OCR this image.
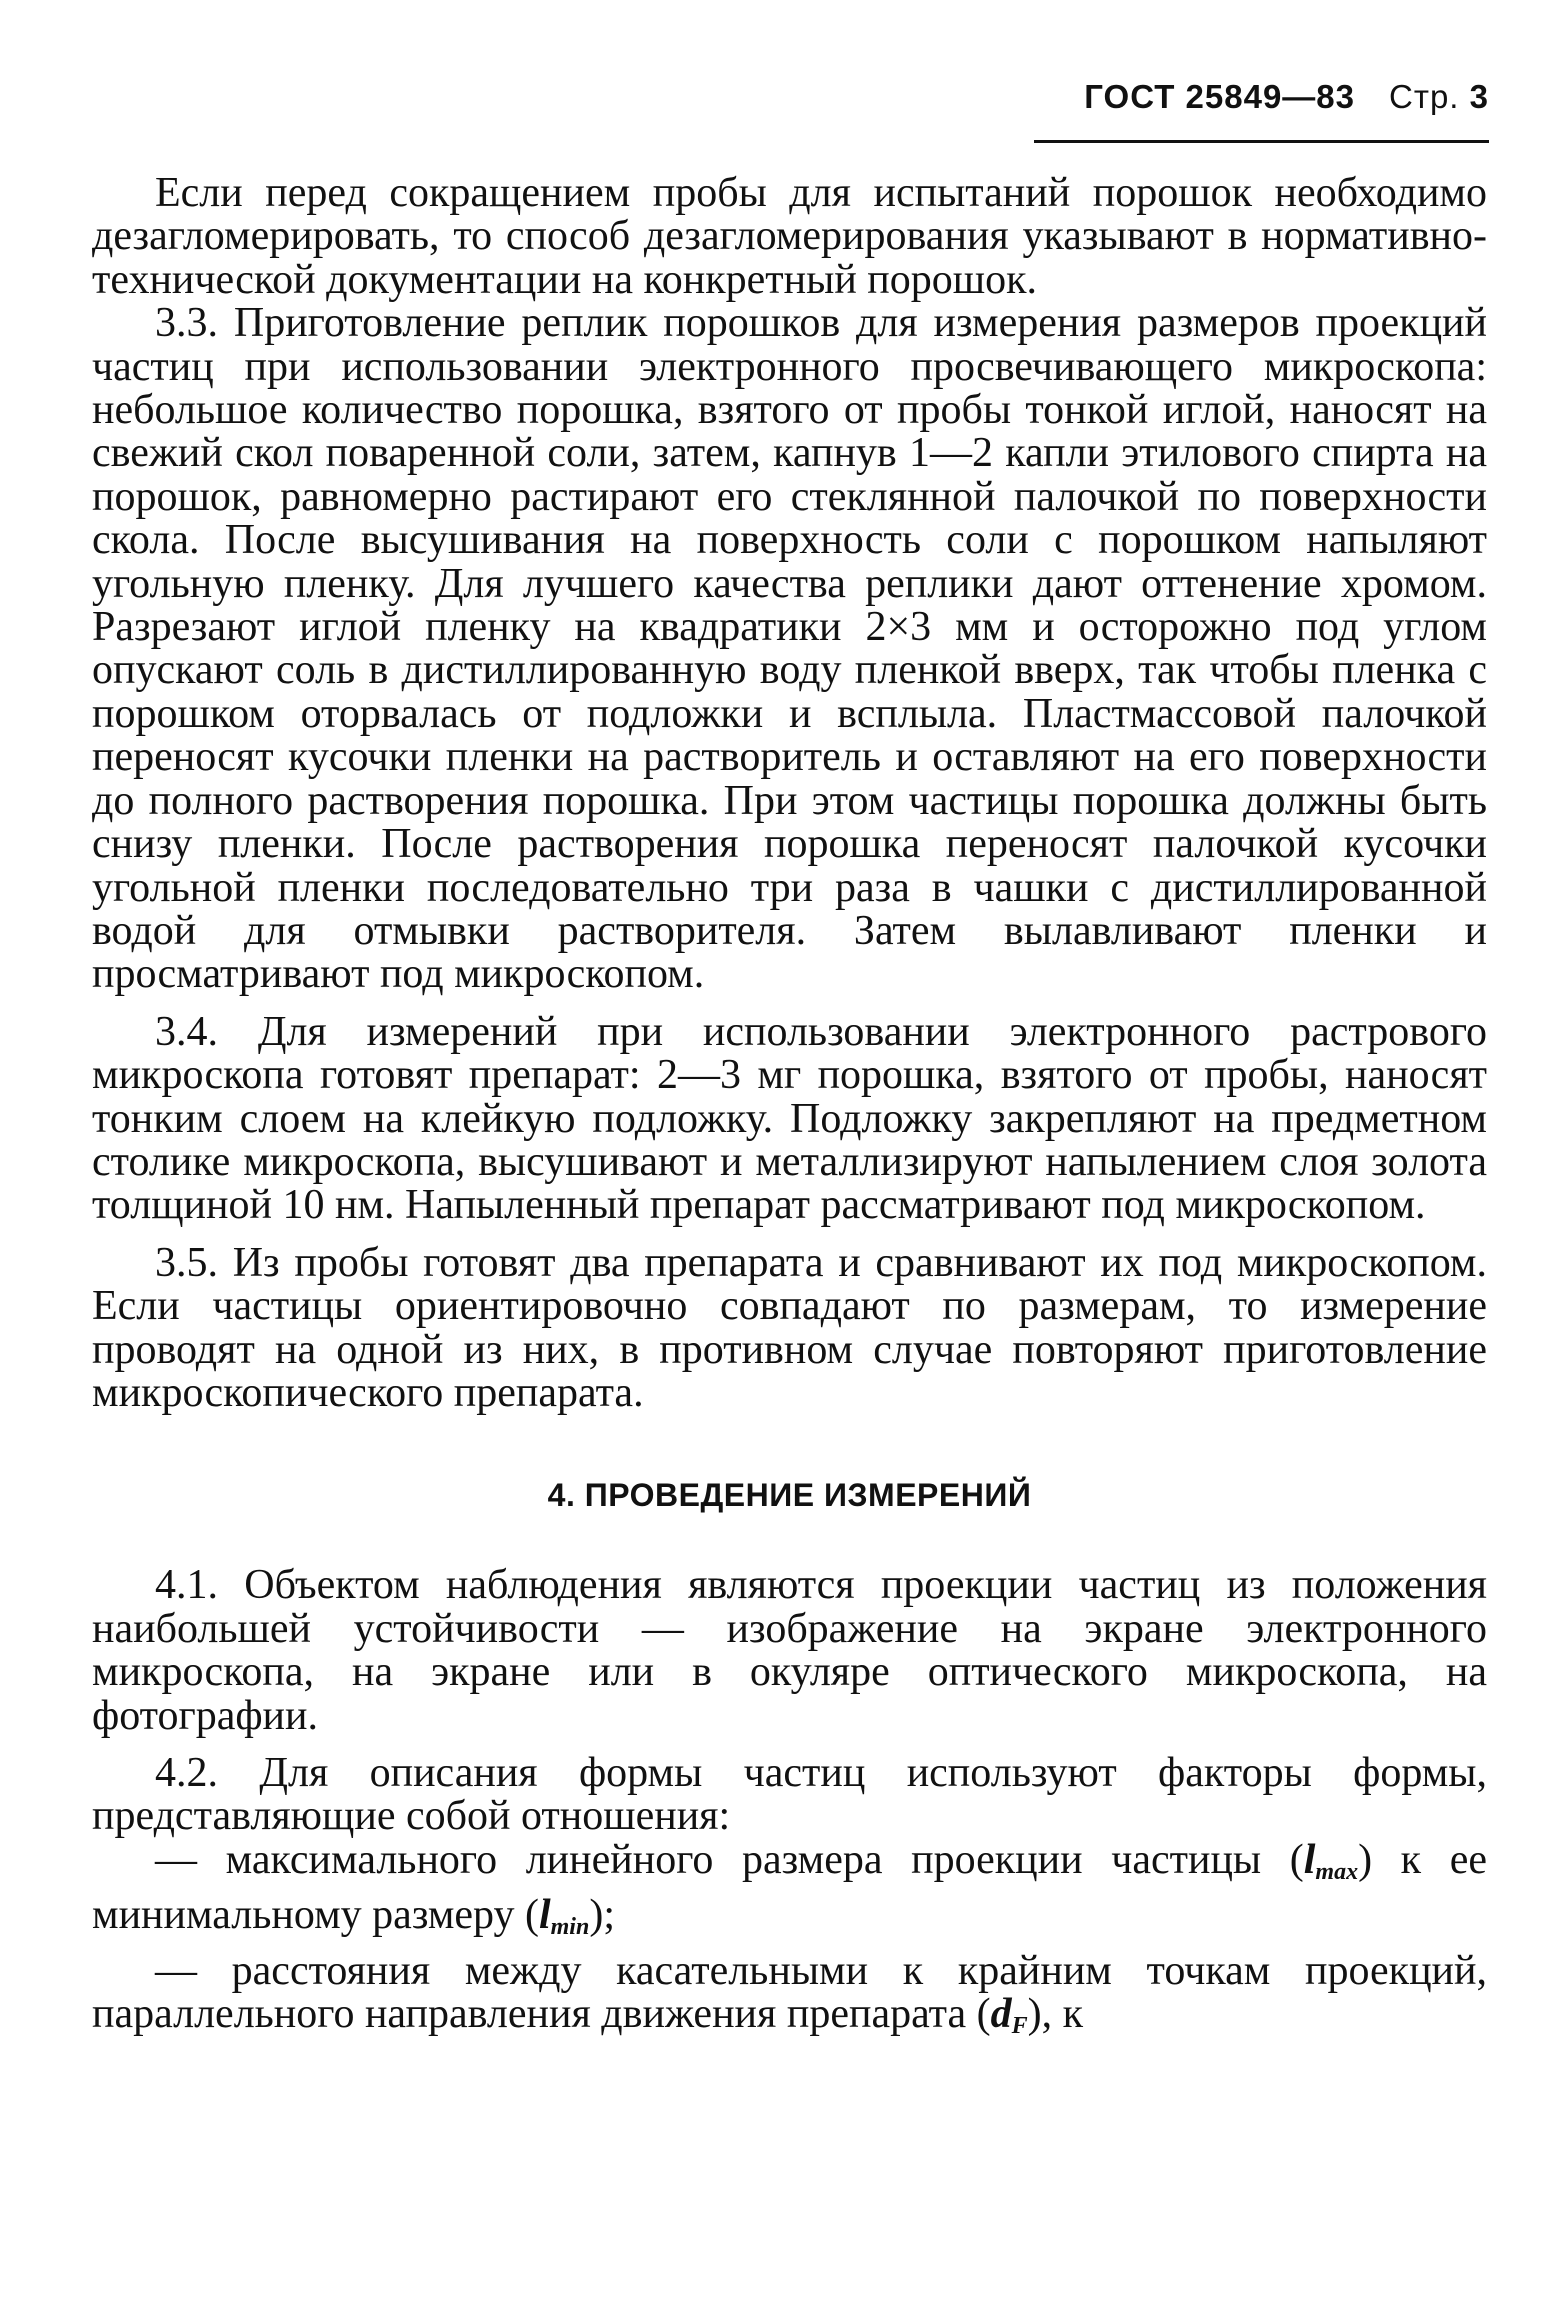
ГОСТ 25849—83 Стр. 3

Если перед сокращением пробы для испытаний порошок необходимо дезагломерировать, то способ дезагломерирования указывают в нормативно-технической документации на конкретный порошок.

3.3. Приготовление реплик порошков для измерения размеров проекций частиц при использовании электронного просвечивающего микроскопа: небольшое количество порошка, взятого от пробы тонкой иглой, наносят на свежий скол поваренной соли, затем, капнув 1—2 капли этилового спирта на порошок, равномерно растирают его стеклянной палочкой по поверхности скола. После высушивания на поверхность соли с порошком напыляют угольную пленку. Для лучшего качества реплики дают оттенение хромом. Разрезают иглой пленку на квадратики 2×3 мм и осторожно под углом опускают соль в дистиллированную воду пленкой вверх, так чтобы пленка с порошком оторвалась от подложки и всплыла. Пластмассовой палочкой переносят кусочки пленки на растворитель и оставляют на его поверхности до полного растворения порошка. При этом частицы порошка должны быть снизу пленки. После растворения порошка переносят палочкой кусочки угольной пленки последовательно три раза в чашки с дистиллированной водой для отмывки растворителя. Затем вылавливают пленки и просматривают под микроскопом.

3.4. Для измерений при использовании электронного растрового микроскопа готовят препарат: 2—3 мг порошка, взятого от пробы, наносят тонким слоем на клейкую подложку. Подложку закрепляют на предметном столике микроскопа, высушивают и металлизируют напылением слоя золота толщиной 10 нм. Напыленный препарат рассматривают под микроскопом.

3.5. Из пробы готовят два препарата и сравнивают их под микроскопом. Если частицы ориентировочно совпадают по размерам, то измерение проводят на одной из них, в противном случае повторяют приготовление микроскопического препарата.

4. ПРОВЕДЕНИЕ ИЗМЕРЕНИЙ

4.1. Объектом наблюдения являются проекции частиц из положения наибольшей устойчивости — изображение на экране электронного микроскопа, на экране или в окуляре оптического микроскопа, на фотографии.

4.2. Для описания формы частиц используют факторы формы, представляющие собой отношения:

— максимального линейного размера проекции частицы $(l_{max})$ к ее минимальному размеру $(l_{min})$;

— расстояния между касательными к крайним точкам проекций, параллельного направления движения препарата $(d_F)$, к
